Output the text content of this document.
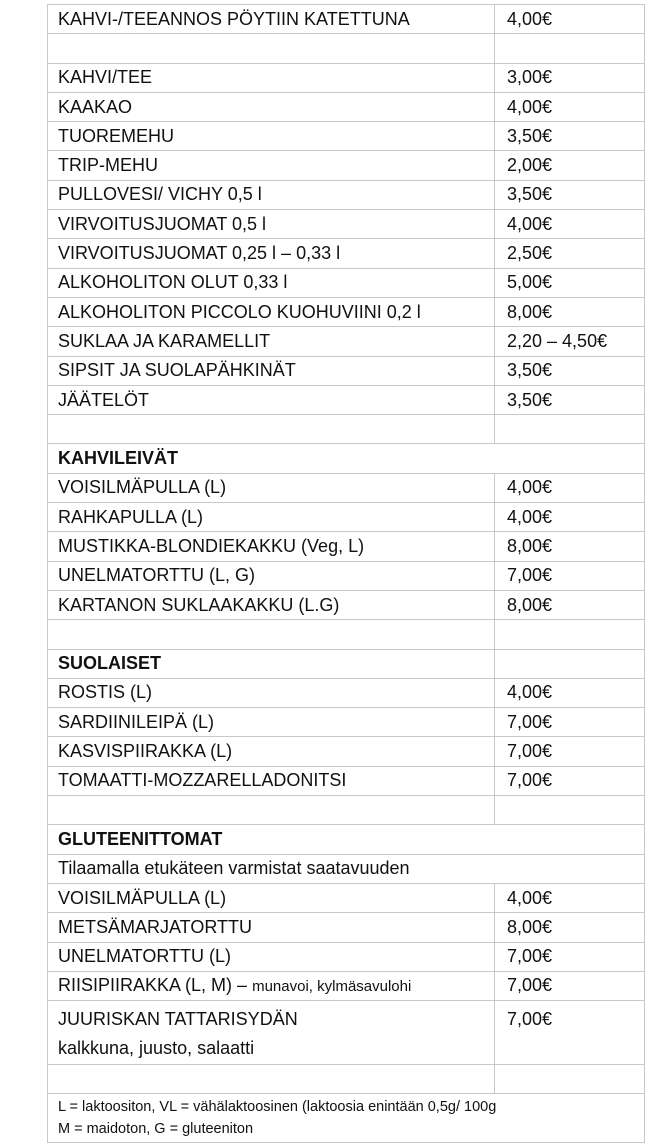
KAHVI-/TEEANNOS PÖYTIIN KATETTUNA	4,00€

KAHVI/TEE	3,00€
KAAKAO	4,00€
TUOREMEHU	3,50€
TRIP-MEHU	2,00€
PULLOVESI/ VICHY 0,5 l	3,50€
VIRVOITUSJUOMAT 0,5 l	4,00€
VIRVOITUSJUOMAT 0,25 l – 0,33 l	2,50€
ALKOHOLITON OLUT 0,33 l	5,00€
ALKOHOLITON PICCOLO KUOHUVIINI 0,2 l	8,00€
SUKLAA JA KARAMELLIT	2,20 – 4,50€
SIPSIT JA SUOLAPÄHKINÄT	3,50€
JÄÄTELÖT	3,50€

KAHVILEIVÄT	
VOISILMÄPULLA (L)	4,00€
RAHKAPULLA (L)	4,00€
MUSTIKKA-BLONDIEKAKKU (Veg, L)	8,00€
UNELMATORTTU (L, G)	7,00€
KARTANON SUKLAAKAKKU (L.G)	8,00€

SUOLAISET	
ROSTIS (L)	4,00€
SARDIINILEIPÄ (L)	7,00€
KASVISPIIRAKKA (L)	7,00€
TOMAATTI-MOZZARELLADONITSI	7,00€

GLUTEENITTOMAT	
Tilaamalla etukäteen varmistat saatavuuden	
VOISILMÄPULLA (L)	4,00€
METSÄMARJATORTTU	8,00€
UNELMATORTTU (L)	7,00€
RIISIPIIRAKKA (L, M) – munavoi, kylmäsavulohi	7,00€
JUURISKAN TATTARISYDÄN
kalkkuna, juusto, salaatti	7,00€

L = laktoositon, VL = vähälaktoosinen (laktoosia enintään 0,5g/ 100g
M = maidoton, G = gluteeniton	
